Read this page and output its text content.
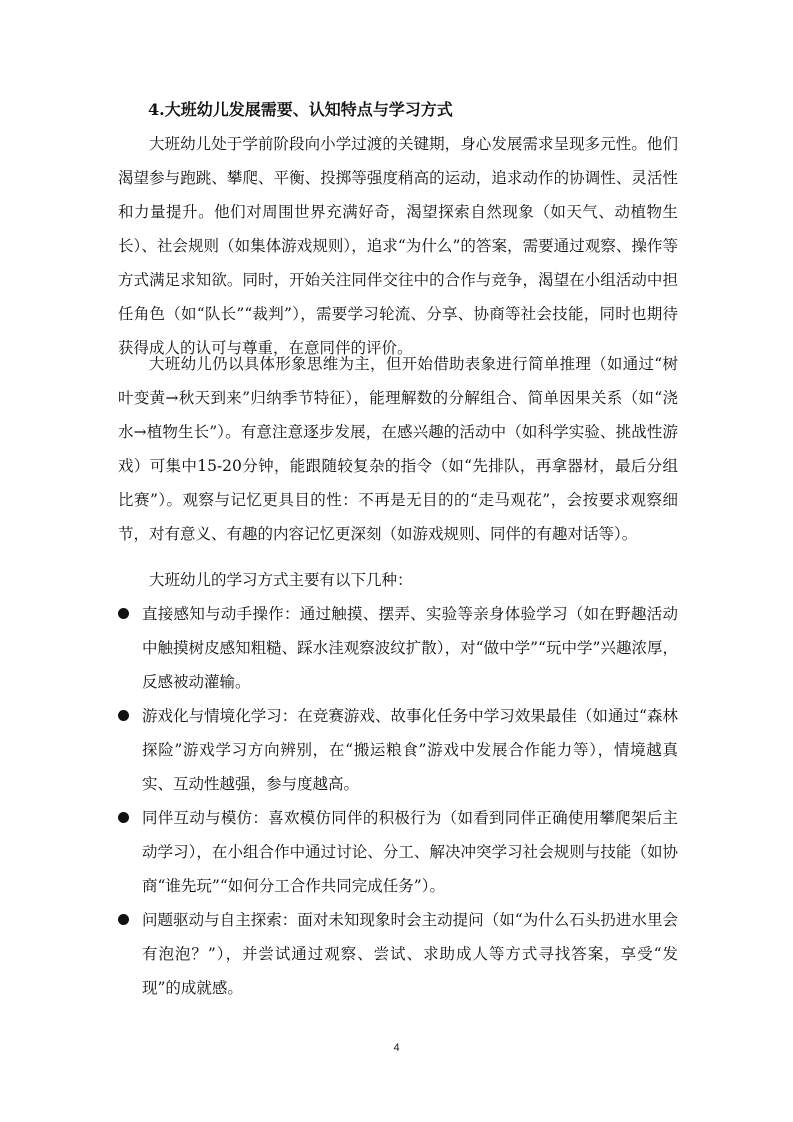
4.大班幼儿发展需要、认知特点与学习方式

大班幼儿处于学前阶段向小学过渡的关键期，身心发展需求呈现多元性。他们渴望参与跑跳、攀爬、平衡、投掷等强度稍高的运动，追求动作的协调性、灵活性和力量提升。他们对周围世界充满好奇，渴望探索自然现象（如天气、动植物生长）、社会规则（如集体游戏规则），追求“为什么”的答案，需要通过观察、操作等方式满足求知欲。同时，开始关注同伴交往中的合作与竞争，渴望在小组活动中担任角色（如“队长”“裁判”），需要学习轮流、分享、协商等社会技能，同时也期待获得成人的认可与尊重，在意同伴的评价。

大班幼儿仍以具体形象思维为主，但开始借助表象进行简单推理（如通过“树叶变黄→秋天到来”归纳季节特征），能理解数的分解组合、简单因果关系（如“浇水→植物生长”）。有意注意逐步发展，在感兴趣的活动中（如科学实验、挑战性游戏）可集中15-20分钟，能跟随较复杂的指令（如“先排队，再拿器材，最后分组比赛”）。观察与记忆更具目的性：不再是无目的的“走马观花”，会按要求观察细节，对有意义、有趣的内容记忆更深刻（如游戏规则、同伴的有趣对话等）。

大班幼儿的学习方式主要有以下几种：

直接感知与动手操作：通过触摸、摆弄、实验等亲身体验学习（如在野趣活动中触摸树皮感知粗糙、踩水洼观察波纹扩散），对“做中学”“玩中学”兴趣浓厚，反感被动灌输。
游戏化与情境化学习：在竞赛游戏、故事化任务中学习效果最佳（如通过“森林探险”游戏学习方向辨别，在“搬运粮食”游戏中发展合作能力等），情境越真实、互动性越强，参与度越高。
同伴互动与模仿：喜欢模仿同伴的积极行为（如看到同伴正确使用攀爬架后主动学习），在小组合作中通过讨论、分工、解决冲突学习社会规则与技能（如协商“谁先玩”“如何分工合作共同完成任务”）。
问题驱动与自主探索：面对未知现象时会主动提问（如“为什么石头扔进水里会有泡泡？”），并尝试通过观察、尝试、求助成人等方式寻找答案，享受“发现”的成就感。
4
